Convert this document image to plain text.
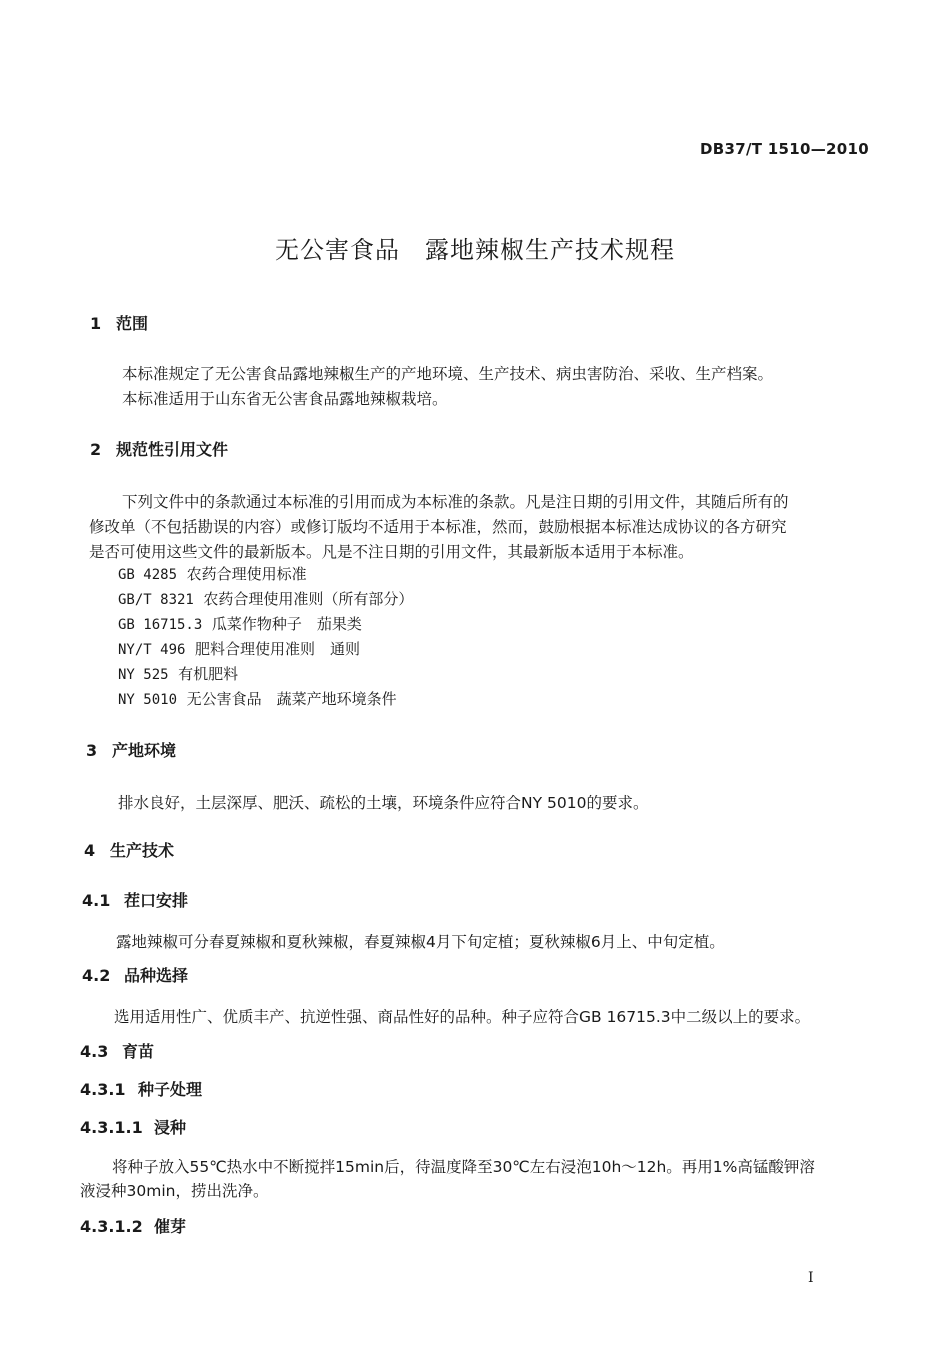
DB37/T 1510—2010
无公害食品　露地辣椒生产技术规程
1 范围
本标准规定了无公害食品露地辣椒生产的产地环境、生产技术、病虫害防治、采收、生产档案。
本标准适用于山东省无公害食品露地辣椒栽培。
2 规范性引用文件
下列文件中的条款通过本标准的引用而成为本标准的条款。凡是注日期的引用文件，其随后所有的
修改单（不包括勘误的内容）或修订版均不适用于本标准，然而，鼓励根据本标准达成协议的各方研究
是否可使用这些文件的最新版本。凡是不注日期的引用文件，其最新版本适用于本标准。
GB 4285 农药合理使用标准
GB/T 8321 农药合理使用准则（所有部分）
GB 16715.3 瓜菜作物种子　茄果类
NY/T 496 肥料合理使用准则　通则
NY 525 有机肥料
NY 5010 无公害食品　蔬菜产地环境条件
3 产地环境
排水良好，土层深厚、肥沃、疏松的土壤，环境条件应符合NY 5010的要求。
4 生产技术
4.1 茬口安排
露地辣椒可分春夏辣椒和夏秋辣椒，春夏辣椒4月下旬定植；夏秋辣椒6月上、中旬定植。
4.2 品种选择
选用适用性广、优质丰产、抗逆性强、商品性好的品种。种子应符合GB 16715.3中二级以上的要求。
4.3 育苗
4.3.1 种子处理
4.3.1.1 浸种
将种子放入55℃热水中不断搅拌15min后，待温度降至30℃左右浸泡10h～12h。再用1%高锰酸钾溶
液浸种30min，捞出洗净。
4.3.1.2 催芽
I
